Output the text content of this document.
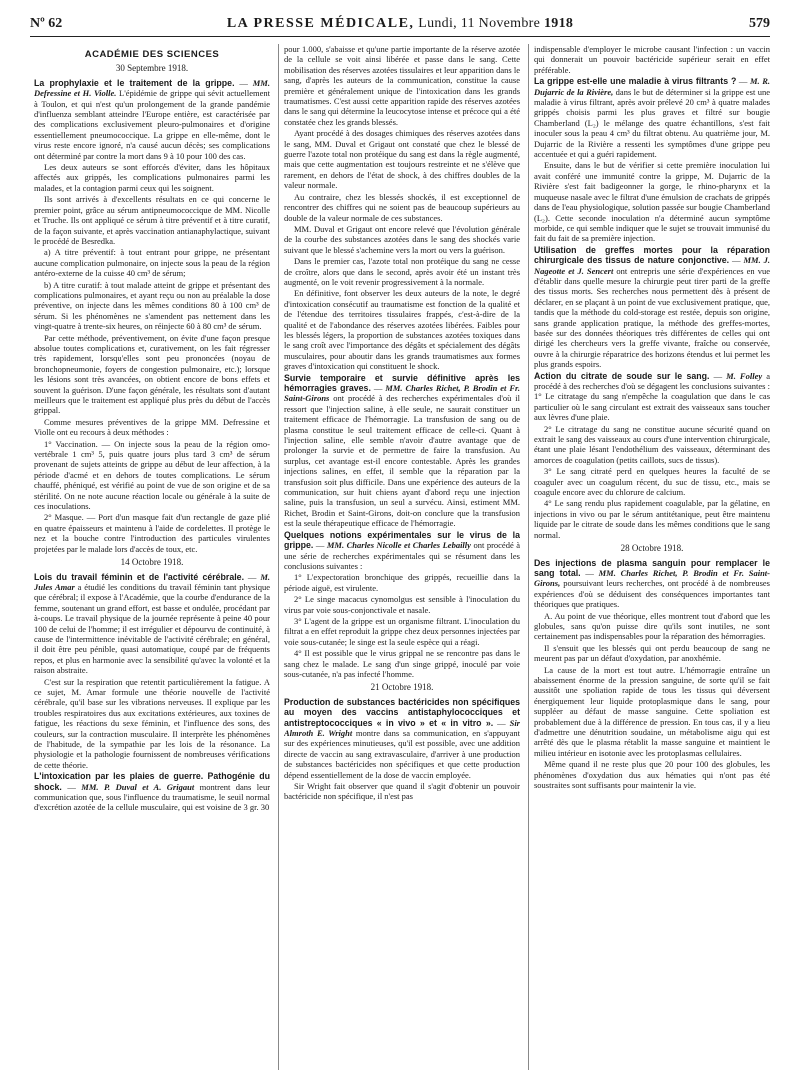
Nº 62	LA PRESSE MÉDICALE, Lundi, 11 Novembre 1918	579
ACADÉMIE DES SCIENCES
30 Septembre 1918.

La prophylaxie et le traitement de la grippe. — MM. Defressine et H. Violle. L'épidémie de grippe qui sévit actuellement à Toulon, et qui n'est qu'un prolongement de la grande pandémie d'influenza semblant atteindre l'Europe entière, est caractérisée par des complications exclusivement pleuro-pulmonaires et d'origine essentiellement pneumococcique. La grippe en elle-même, dont le virus reste encore ignoré, n'a causé aucun décès; ses complications ont déterminé par contre la mort dans 9 à 10 pour 100 des cas.

Les deux auteurs se sont efforcés d'éviter, dans les hôpitaux affectés aux grippés, les complications pulmonaires parmi les malades, et la contagion parmi ceux qui les soignent.

Ils sont arrivés à d'excellents résultats en ce qui concerne le premier point, grâce au sérum antipneumococcique de MM. Nicolle et Truche. Ils ont appliqué ce sérum à titre préventif et à titre curatif, de la façon suivante, et après vaccination antianaphylactique, suivant le procédé de Besredka.

a) A titre préventif: à tout entrant pour grippe, ne présentant aucune complication pulmonaire, on injecte sous la peau de la région antéro-externe de la cuisse 40 cm³ de sérum;

b) A titre curatif: à tout malade atteint de grippe et présentant des complications pulmonaires, et ayant reçu ou non au préalable la dose préventive, on injecte dans les mêmes conditions 80 à 100 cm³ de sérum. Si les phénomènes ne s'amendent pas nettement dans les vingt-quatre à trente-six heures, on réinjecte 60 à 80 cm³ de sérum.

Par cette méthode, préventivement, on évite d'une façon presque absolue toutes complications et, curativement, on les fait régresser très rapidement, lorsqu'elles sont peu prononcées (noyau de bronchopneumonie, foyers de congestion pulmonaire, etc.); lorsque les lésions sont très avancées, on obtient encore de bons effets et souvent la guérison. D'une façon générale, les résultats sont d'autant meilleurs que le traitement est appliqué plus près du début de l'accès grippal.

Comme mesures préventives de la grippe MM. Defressine et Violle ont eu recours à deux méthodes :

1° Vaccination. — On injecte sous la peau de la région omo-vertébrale 1 cm³ 5, puis quatre jours plus tard 3 cm³ de sérum provenant de sujets atteints de grippe au début de leur affection, à la période d'acmé et en dehors de toutes complications. Le sérum chauffé, phéniqué, est vérifié au point de vue de son origine et de sa stérilité. On ne note aucune réaction locale ou générale à la suite de ces inoculations.

2° Masque. — Port d'un masque fait d'un rectangle de gaze plié en quatre épaisseurs et maintenu à l'aide de cordelettes. Il protège le nez et la bouche contre l'introduction des particules virulentes projetées par le malade lors d'accès de toux, etc.

14 Octobre 1918.

Lois du travail féminin et de l'activité cérébrale. — M. Jules Amar a étudié les conditions du travail féminin tant physique que cérébral; il expose à l'Académie, que la courbe d'endurance de la femme, soutenant un grand effort, est basse et ondulée, procédant par à-coups. Le travail physique de la journée représente à peine 40 pour 100 de celui de l'homme; il est irrégulier et dépourvu de continuité, à cause de l'intermittence inévitable de l'activité cérébrale; en général, il doit être peu pénible, quasi automatique, coupé par de fréquents repos, et plus en harmonie avec la sensibilité qu'avec la volonté et la raison abstraite.

C'est sur la respiration que retentit particulièrement la fatigue. A ce sujet, M. Amar formule une théorie nouvelle de l'activité cérébrale, qu'il base sur les vibrations nerveuses. Il explique par les troubles respiratoires dus aux excitations extérieures, aux toxines de fatigue, les réactions du sexe féminin, et l'influence des sons, des couleurs, sur la contraction musculaire. Il interprète les phénomènes de l'habitude, de la sympathie par les lois de la résonance. La physiologie et la pathologie fournissent de nombreuses vérifications de cette théorie.

L'intoxication par les plaies de guerre. Pathogénie du shock. — MM. P. Duval et A. Grigaut montrent dans leur communication que, sous l'influence du traumatisme, le seuil normal d'excrétion azotée de la cellule musculaire, qui est voisine de 3 gr. 30

pour 1.000, s'abaisse et qu'une partie importante de la réserve azotée de la cellule se voit ainsi libérée et passe dans le sang. Cette mobilisation des réserves azotées tissulaires et leur apparition dans le sang, d'après les auteurs de la communication, constitue la cause première et généralement unique de l'intoxication dans les grands traumatismes. C'est aussi cette apparition rapide des réserves azotées dans le sang qui détermine la leucocytose intense et précoce qui a été constatée chez les grands blessés.

Ayant procédé à des dosages chimiques des réserves azotées dans le sang, MM. Duval et Grigaut ont constaté que chez le blessé de guerre l'azote total non protéique du sang est dans la règle augmenté, mais que cette augmentation est toujours restreinte et ne s'élève que rarement, en dehors de l'état de shock, à des chiffres doubles de la valeur normale.

Au contraire, chez les blessés shockés, il est exceptionnel de rencontrer des chiffres qui ne soient pas de beaucoup supérieurs au double de la valeur normale de ces substances.

MM. Duval et Grigaut ont encore relevé que l'évolution générale de la courbe des substances azotées dans le sang des shockés varie suivant que le blessé s'achemine vers la mort ou vers la guérison.

Dans le premier cas, l'azote total non protéique du sang ne cesse de croître, alors que dans le second, après avoir été un instant très augmenté, on le voit revenir progressivement à la normale.

En définitive, font observer les deux auteurs de la note, le degré d'intoxication consécutif au traumatisme est fonction de la qualité et de l'étendue des territoires tissulaires frappés, c'est-à-dire de la qualité et de l'abondance des réserves azotées libérées. Faibles pour les blessés légers, la proportion de substances azotées toxiques dans le sang croît avec l'importance des dégâts et spécialement des dégâts musculaires, pour aboutir dans les grands traumatismes aux formes graves d'intoxication qui constituent le shock.

Survie temporaire et survie définitive après les hémorragies graves. — MM. Charles Richet, P. Brodin et Fr. Saint-Girons ont procédé à des recherches expérimentales d'où il ressort que l'injection saline, à elle seule, ne saurait constituer un traitement efficace de l'hémorragie. La transfusion de sang ou de plasma constitue le seul traitement efficace de celle-ci. Quant à l'injection saline, elle semble n'avoir d'autre avantage que de prolonger la survie et de permettre de faire la transfusion. Au surplus, cet avantage est-il encore contestable. Après les grandes injections salines, en effet, il semble que la réparation par la transfusion soit plus difficile. Dans une expérience des auteurs de la communication, sur huit chiens ayant d'abord reçu une injection saline, puis la transfusion, un seul a survécu. Ainsi, estiment MM. Richet, Brodin et Saint-Girons, doit-on conclure que la transfusion est la seule thérapeutique efficace de l'hémorragie.

Quelques notions expérimentales sur le virus de la grippe. — MM. Charles Nicolle et Charles Lebailly ont procédé à une série de recherches expérimentales qui se résument dans les conclusions suivantes :

1° L'expectoration bronchique des grippés, recueillie dans la période aiguë, est virulente.

2° Le singe macacus cynomolgus est sensible à l'inoculation du virus par voie sous-conjonctivale et nasale.

3° L'agent de la grippe est un organisme filtrant. L'inoculation du filtrat a en effet reproduit la grippe chez deux personnes injectées par voie sous-cutanée; le singe est la seule espèce qui a réagi.

4° Il est possible que le virus grippal ne se rencontre pas dans le sang chez le malade. Le sang d'un singe grippé, inoculé par voie sous-cutanée, n'a pas infecté l'homme.

21 Octobre 1918.

Production de substances bactéricides non spécifiques au moyen des vaccins antistaphylococciques et antistreptococciques « in vivo » et « in vitro ». — Sir Almroth E. Wright montre dans sa communication, en s'appuyant sur des expériences minutieuses, qu'il est possible, avec une addition directe de vaccin au sang extravasculaire, d'arriver à une production de substances bactéricides non spécifiques et que cette production dépend essentiellement de la dose de vaccin employée.

Sir Wright fait observer que quand il s'agit d'obtenir un pouvoir bactéricide non spécifique, il n'est pas

indispensable d'employer le microbe causant l'infection : un vaccin qui donnerait un pouvoir bactéricide supérieur serait en effet préférable.

La grippe est-elle une maladie à virus filtrants ? — M. R. Dujarric de la Rivière, dans le but de déterminer si la grippe est une maladie à virus filtrant, après avoir prélevé 20 cm³ à quatre malades grippés choisis parmi les plus graves et filtré sur bougie Chamberland (L₂) le mélange des quatre échantillons, s'est fait inoculer sous la peau 4 cm³ du filtrat obtenu. Au quatrième jour, M. Dujarric de la Rivière a ressenti les symptômes d'une grippe peu accentuée et qui a guéri rapidement.

Ensuite, dans le but de vérifier si cette première inoculation lui avait conféré une immunité contre la grippe, M. Dujarric de la Rivière s'est fait badigeonner la gorge, le rhino-pharynx et la muqueuse nasale avec le filtrat d'une émulsion de crachats de grippés dans de l'eau physiologique, solution passée sur bougie Chamberland (L₂). Cette seconde inoculation n'a déterminé aucun symptôme morbide, ce qui semble indiquer que le sujet se trouvait immunisé du fait du fait de sa première injection.

Utilisation de greffes mortes pour la réparation chirurgicale des tissus de nature conjonctive. — MM. J. Nageotte et J. Sencert ont entrepris une série d'expériences en vue d'établir dans quelle mesure la chirurgie peut tirer parti de la greffe des tissus morts. Ses recherches nous permettent dès à présent de déclarer, en se plaçant à un point de vue exclusivement pratique, que, tandis que la méthode du cold-storage est restée, depuis son origine, sans grande application pratique, la méthode des greffes-mortes, basée sur des données théoriques très différentes de celles qui ont dirigé les chercheurs vers la greffe vivante, fraîche ou conservée, ouvre à la chirurgie réparatrice des horizons étendus et lui permet les plus grands espoirs.

Action du citrate de soude sur le sang. — M. Folley a procédé à des recherches d'où se dégagent les conclusions suivantes : 1° Le citratage du sang n'empêche la coagulation que dans le cas particulier où le sang circulant est extrait des vaisseaux sans toucher aux lèvres d'une plaie.

2° Le citratage du sang ne constitue aucune sécurité quand on extrait le sang des vaisseaux au cours d'une intervention chirurgicale, étant une plaie lésant l'endothélium des vaisseaux, déterminant des amorces de coagulation (petits caillots, sucs de tissus).

3° Le sang citraté perd en quelques heures la faculté de se coaguler avec un coagulum récent, du suc de tissu, etc., mais se coagule encore avec du chlorure de calcium.

4° Le sang rendu plus rapidement coagulable, par la gélatine, en injections in vivo ou par le sérum antitétanique, peut être maintenu liquide par le citrate de soude dans les mêmes conditions que le sang normal.

28 Octobre 1918.

Des injections de plasma sanguin pour remplacer le sang total. — MM. Charles Richet, P. Brodin et Fr. Saint-Girons, poursuivant leurs recherches, ont procédé à de nombreuses expériences d'où se déduisent des conséquences importantes tant théoriques que pratiques.

A. Au point de vue théorique, elles montrent tout d'abord que les globules, sans qu'on puisse dire qu'ils sont inutiles, ne sont certainement pas indispensables pour la réparation des hémorragies.

Il s'ensuit que les blessés qui ont perdu beaucoup de sang ne meurent pas par un défaut d'oxydation, par anoxhémie.

La cause de la mort est tout autre. L'hémorragie entraîne un abaissement énorme de la pression sanguine, de sorte qu'il se fait aussitôt une spoliation rapide de tous les tissus qui déversent énergiquement leur liquide protoplasmique dans le sang, pour suppléer au défaut de masse sanguine. Cette spoliation est probablement due à la différence de pression. En tous cas, il y a lieu d'admettre une dénutrition soudaine, un métabolisme aigu qui est arrêté dès que le plasma rétablit la masse sanguine et maintient le milieu intérieur en isotonie avec les protoplasmas cellulaires.

Même quand il ne reste plus que 20 pour 100 des globules, les phénomènes d'oxydation dus aux hématies qui n'ont pas été soustraites sont suffisants pour maintenir la vie.
